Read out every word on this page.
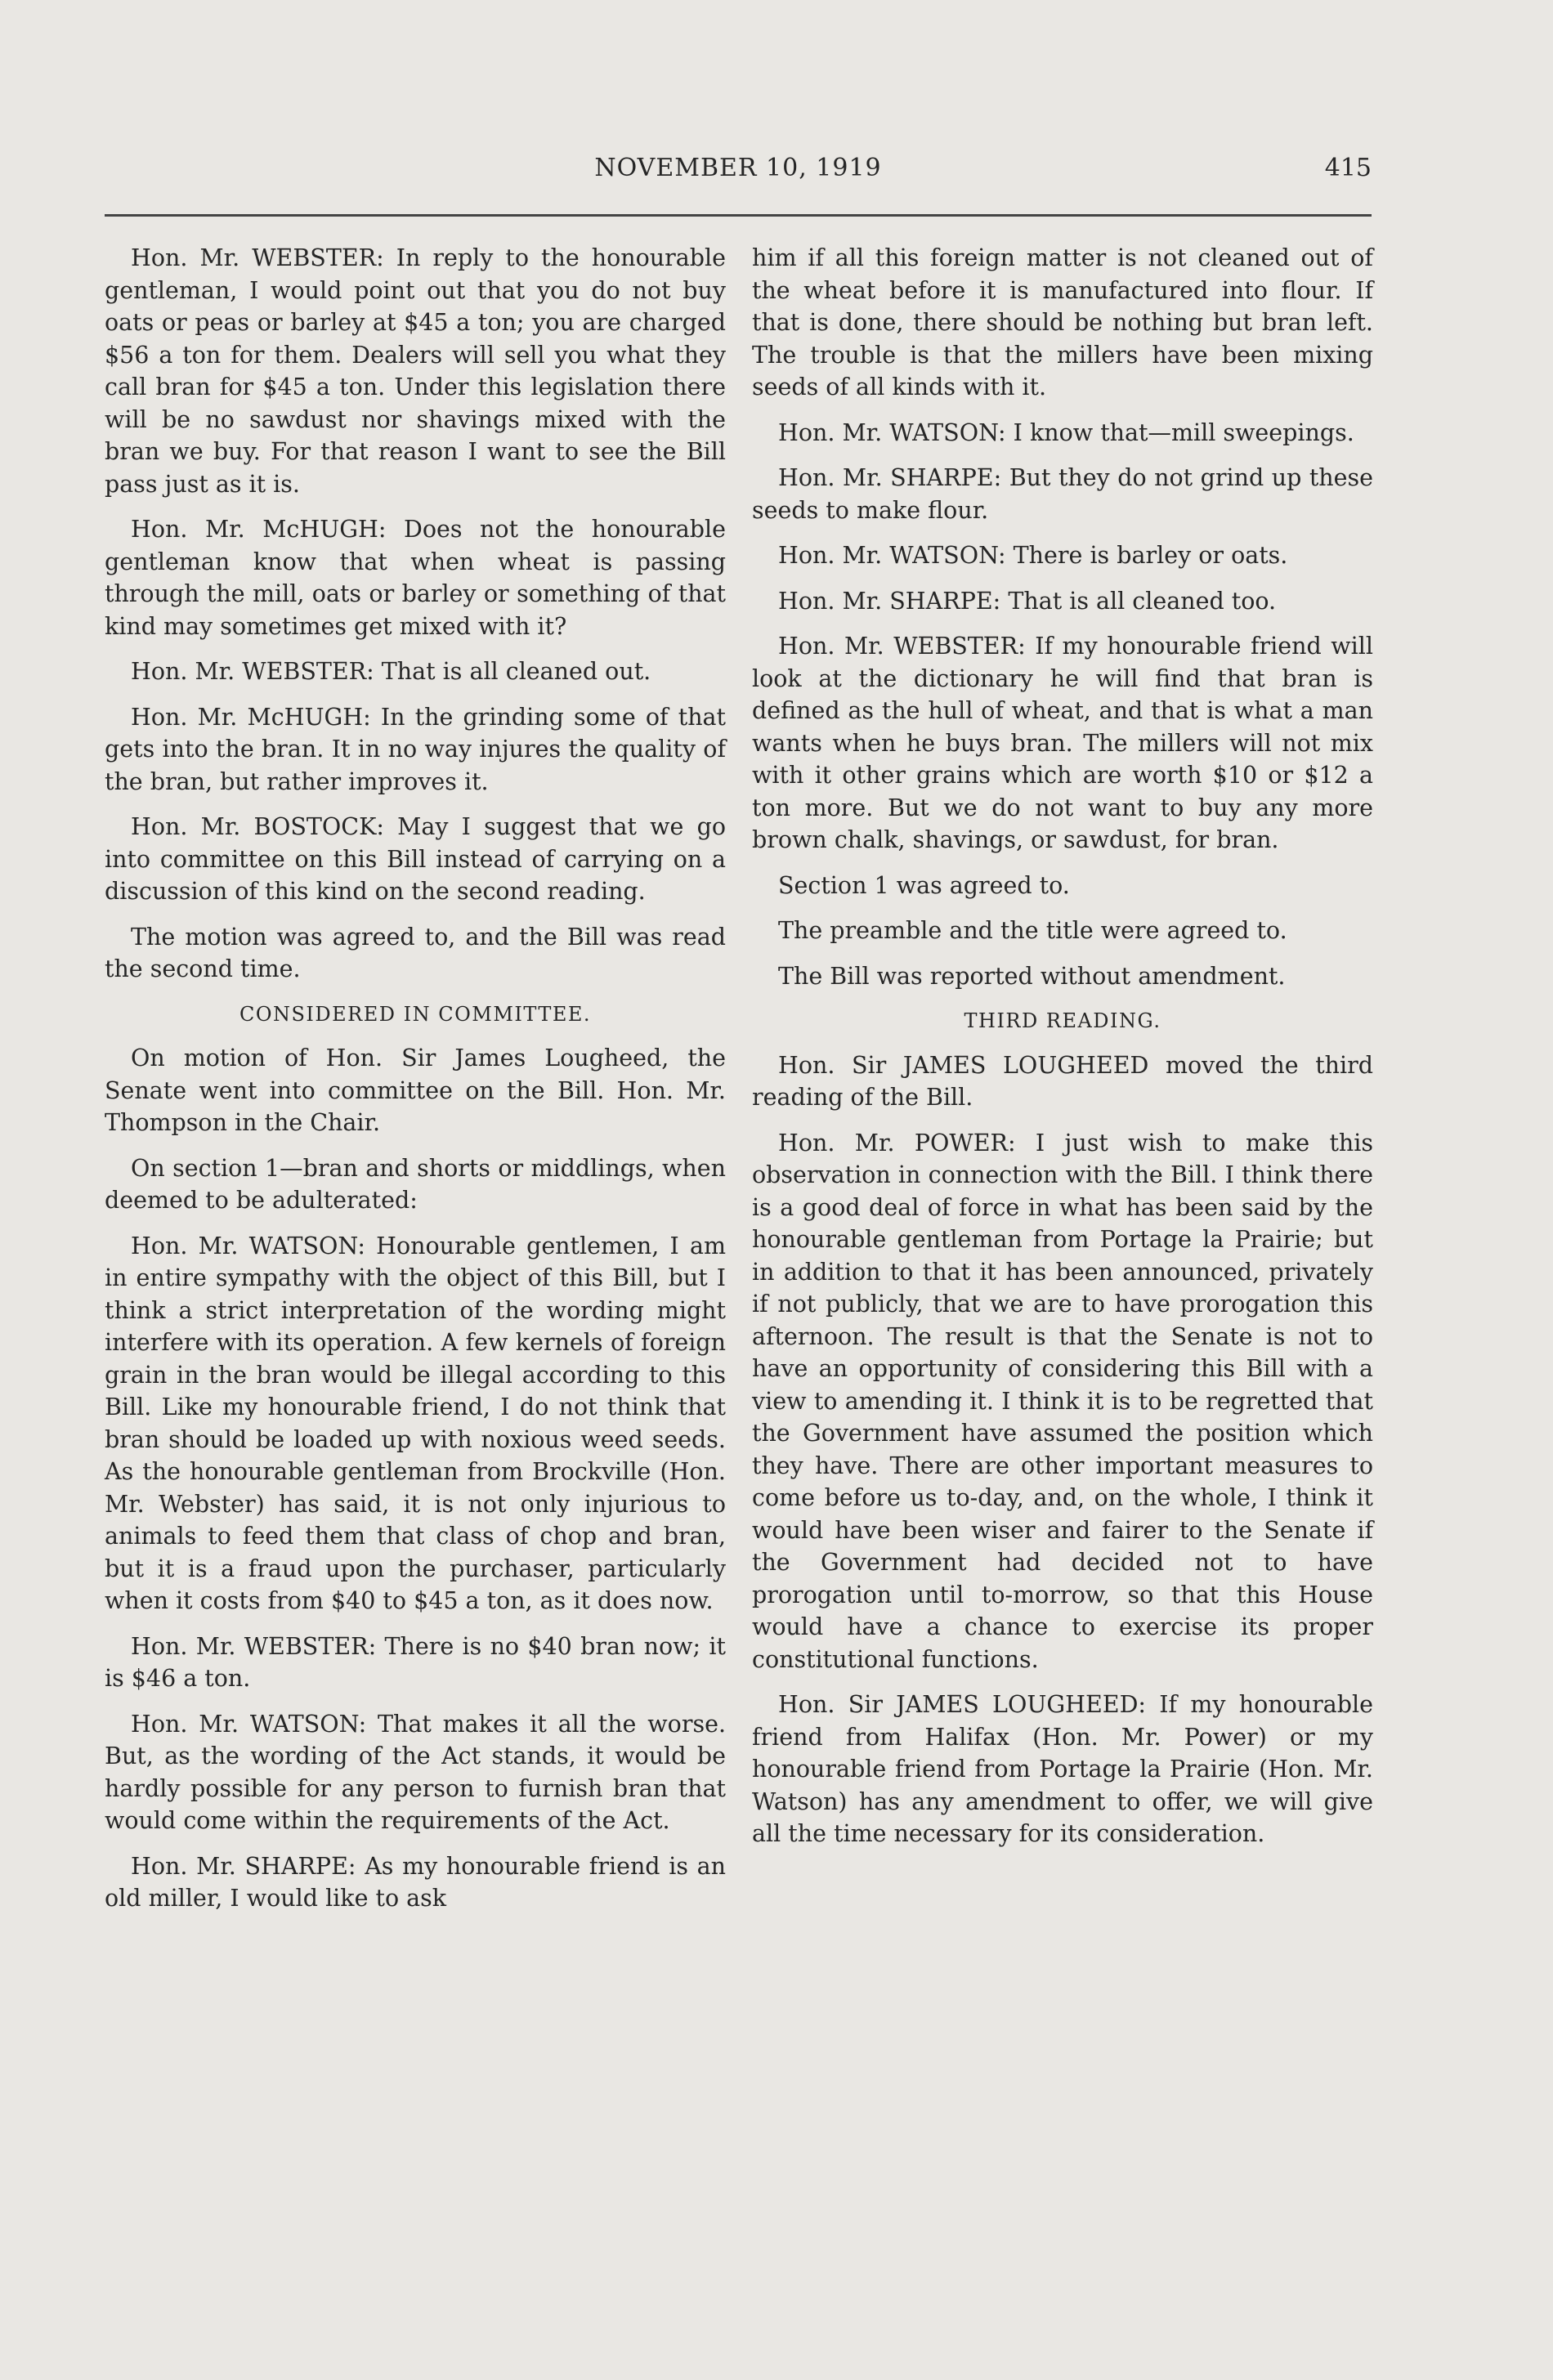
NOVEMBER 10, 1919	415

Hon. Mr. WEBSTER: In reply to the honourable gentleman, I would point out that you do not buy oats or peas or barley at $45 a ton; you are charged $56 a ton for them. Dealers will sell you what they call bran for $45 a ton. Under this legislation there will be no sawdust nor shavings mixed with the bran we buy. For that reason I want to see the Bill pass just as it is.

Hon. Mr. McHUGH: Does not the honourable gentleman know that when wheat is passing through the mill, oats or barley or something of that kind may sometimes get mixed with it?

Hon. Mr. WEBSTER: That is all cleaned out.

Hon. Mr. McHUGH: In the grinding some of that gets into the bran. It in no way injures the quality of the bran, but rather improves it.

Hon. Mr. BOSTOCK: May I suggest that we go into committee on this Bill instead of carrying on a discussion of this kind on the second reading.

The motion was agreed to, and the Bill was read the second time.

CONSIDERED IN COMMITTEE.

On motion of Hon. Sir James Lougheed, the Senate went into committee on the Bill. Hon. Mr. Thompson in the Chair.

On section 1—bran and shorts or middlings, when deemed to be adulterated:

Hon. Mr. WATSON: Honourable gentlemen, I am in entire sympathy with the object of this Bill, but I think a strict interpretation of the wording might interfere with its operation. A few kernels of foreign grain in the bran would be illegal according to this Bill. Like my honourable friend, I do not think that bran should be loaded up with noxious weed seeds. As the honourable gentleman from Brockville (Hon. Mr. Webster) has said, it is not only injurious to animals to feed them that class of chop and bran, but it is a fraud upon the purchaser, particularly when it costs from $40 to $45 a ton, as it does now.

Hon. Mr. WEBSTER: There is no $40 bran now; it is $46 a ton.

Hon. Mr. WATSON: That makes it all the worse. But, as the wording of the Act stands, it would be hardly possible for any person to furnish bran that would come within the requirements of the Act.

Hon. Mr. SHARPE: As my honourable friend is an old miller, I would like to ask

him if all this foreign matter is not cleaned out of the wheat before it is manufactured into flour. If that is done, there should be nothing but bran left. The trouble is that the millers have been mixing seeds of all kinds with it.

Hon. Mr. WATSON: I know that—mill sweepings.

Hon. Mr. SHARPE: But they do not grind up these seeds to make flour.

Hon. Mr. WATSON: There is barley or oats.

Hon. Mr. SHARPE: That is all cleaned too.

Hon. Mr. WEBSTER: If my honourable friend will look at the dictionary he will find that bran is defined as the hull of wheat, and that is what a man wants when he buys bran. The millers will not mix with it other grains which are worth $10 or $12 a ton more. But we do not want to buy any more brown chalk, shavings, or sawdust, for bran.

Section 1 was agreed to.

The preamble and the title were agreed to.

The Bill was reported without amendment.

THIRD READING.

Hon. Sir JAMES LOUGHEED moved the third reading of the Bill.

Hon. Mr. POWER: I just wish to make this observation in connection with the Bill. I think there is a good deal of force in what has been said by the honourable gentleman from Portage la Prairie; but in addition to that it has been announced, privately if not publicly, that we are to have prorogation this afternoon. The result is that the Senate is not to have an opportunity of considering this Bill with a view to amending it. I think it is to be regretted that the Government have assumed the position which they have. There are other important measures to come before us to-day, and, on the whole, I think it would have been wiser and fairer to the Senate if the Government had decided not to have prorogation until to-morrow, so that this House would have a chance to exercise its proper constitutional functions.

Hon. Sir JAMES LOUGHEED: If my honourable friend from Halifax (Hon. Mr. Power) or my honourable friend from Portage la Prairie (Hon. Mr. Watson) has any amendment to offer, we will give all the time necessary for its consideration.
